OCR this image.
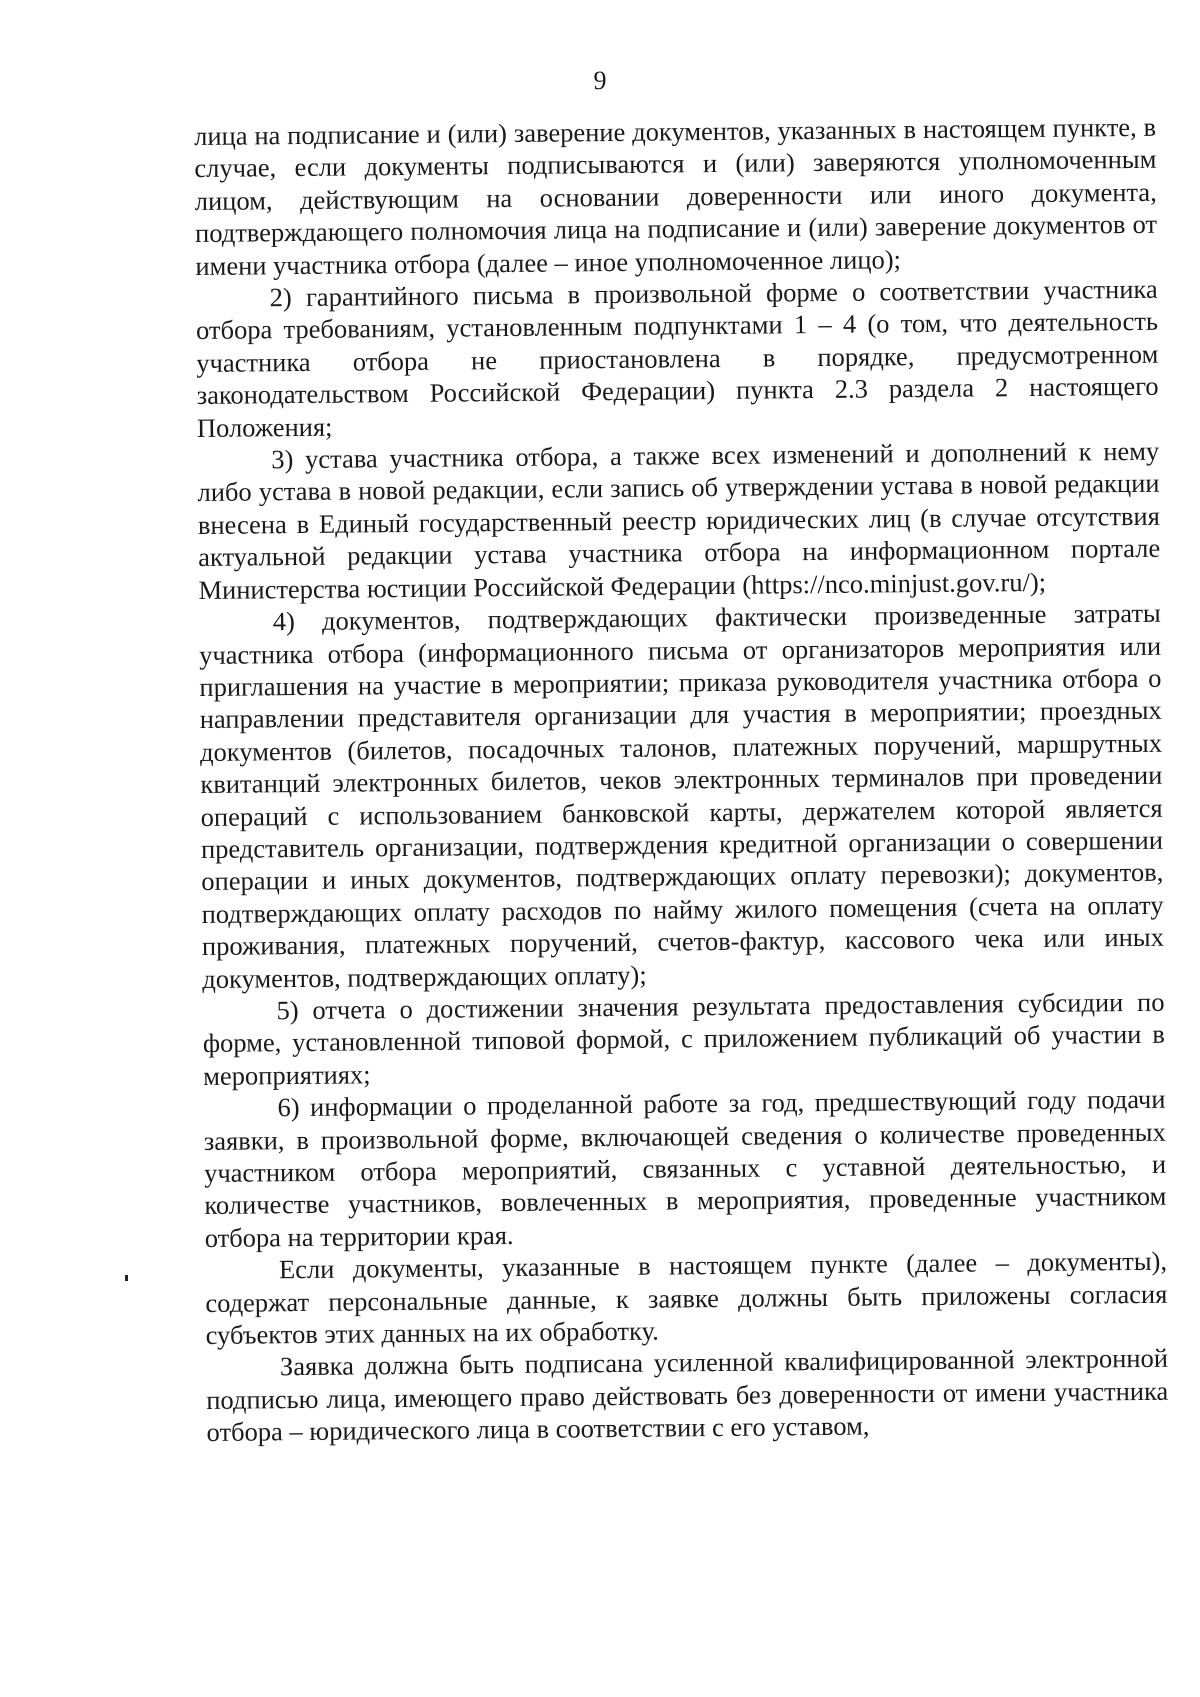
9

лица на подписание и (или) заверение документов, указанных в настоящем пункте, в случае, если документы подписываются и (или) заверяются уполномоченным лицом, действующим на основании доверенности или иного документа, подтверждающего полномочия лица на подписание и (или) заверение документов от имени участника отбора (далее – иное уполномоченное лицо);

2) гарантийного письма в произвольной форме о соответствии участника отбора требованиям, установленным подпунктами 1 – 4 (о том, что деятельность участника отбора не приостановлена в порядке, предусмотренном законодательством Российской Федерации) пункта 2.3 раздела 2 настоящего Положения;

3) устава участника отбора, а также всех изменений и дополнений к нему либо устава в новой редакции, если запись об утверждении устава в новой редакции внесена в Единый государственный реестр юридических лиц (в случае отсутствия актуальной редакции устава участника отбора на информационном портале Министерства юстиции Российской Федерации (https://nco.minjust.gov.ru/);

4) документов, подтверждающих фактически произведенные затраты участника отбора (информационного письма от организаторов мероприятия или приглашения на участие в мероприятии; приказа руководителя участника отбора о направлении представителя организации для участия в мероприятии; проездных документов (билетов, посадочных талонов, платежных поручений, маршрутных квитанций электронных билетов, чеков электронных терминалов при проведении операций с использованием банковской карты, держателем которой является представитель организации, подтверждения кредитной организации о совершении операции и иных документов, подтверждающих оплату перевозки); документов, подтверждающих оплату расходов по найму жилого помещения (счета на оплату проживания, платежных поручений, счетов-фактур, кассового чека или иных документов, подтверждающих оплату);

5) отчета о достижении значения результата предоставления субсидии по форме, установленной типовой формой, с приложением публикаций об участии в мероприятиях;

6) информации о проделанной работе за год, предшествующий году подачи заявки, в произвольной форме, включающей сведения о количестве проведенных участником отбора мероприятий, связанных с уставной деятельностью, и количестве участников, вовлеченных в мероприятия, проведенные участником отбора на территории края.

Если документы, указанные в настоящем пункте (далее – документы), содержат персональные данные, к заявке должны быть приложены согласия субъектов этих данных на их обработку.

Заявка должна быть подписана усиленной квалифицированной электронной подписью лица, имеющего право действовать без доверенности от имени участника отбора – юридического лица в соответствии с его уставом,
